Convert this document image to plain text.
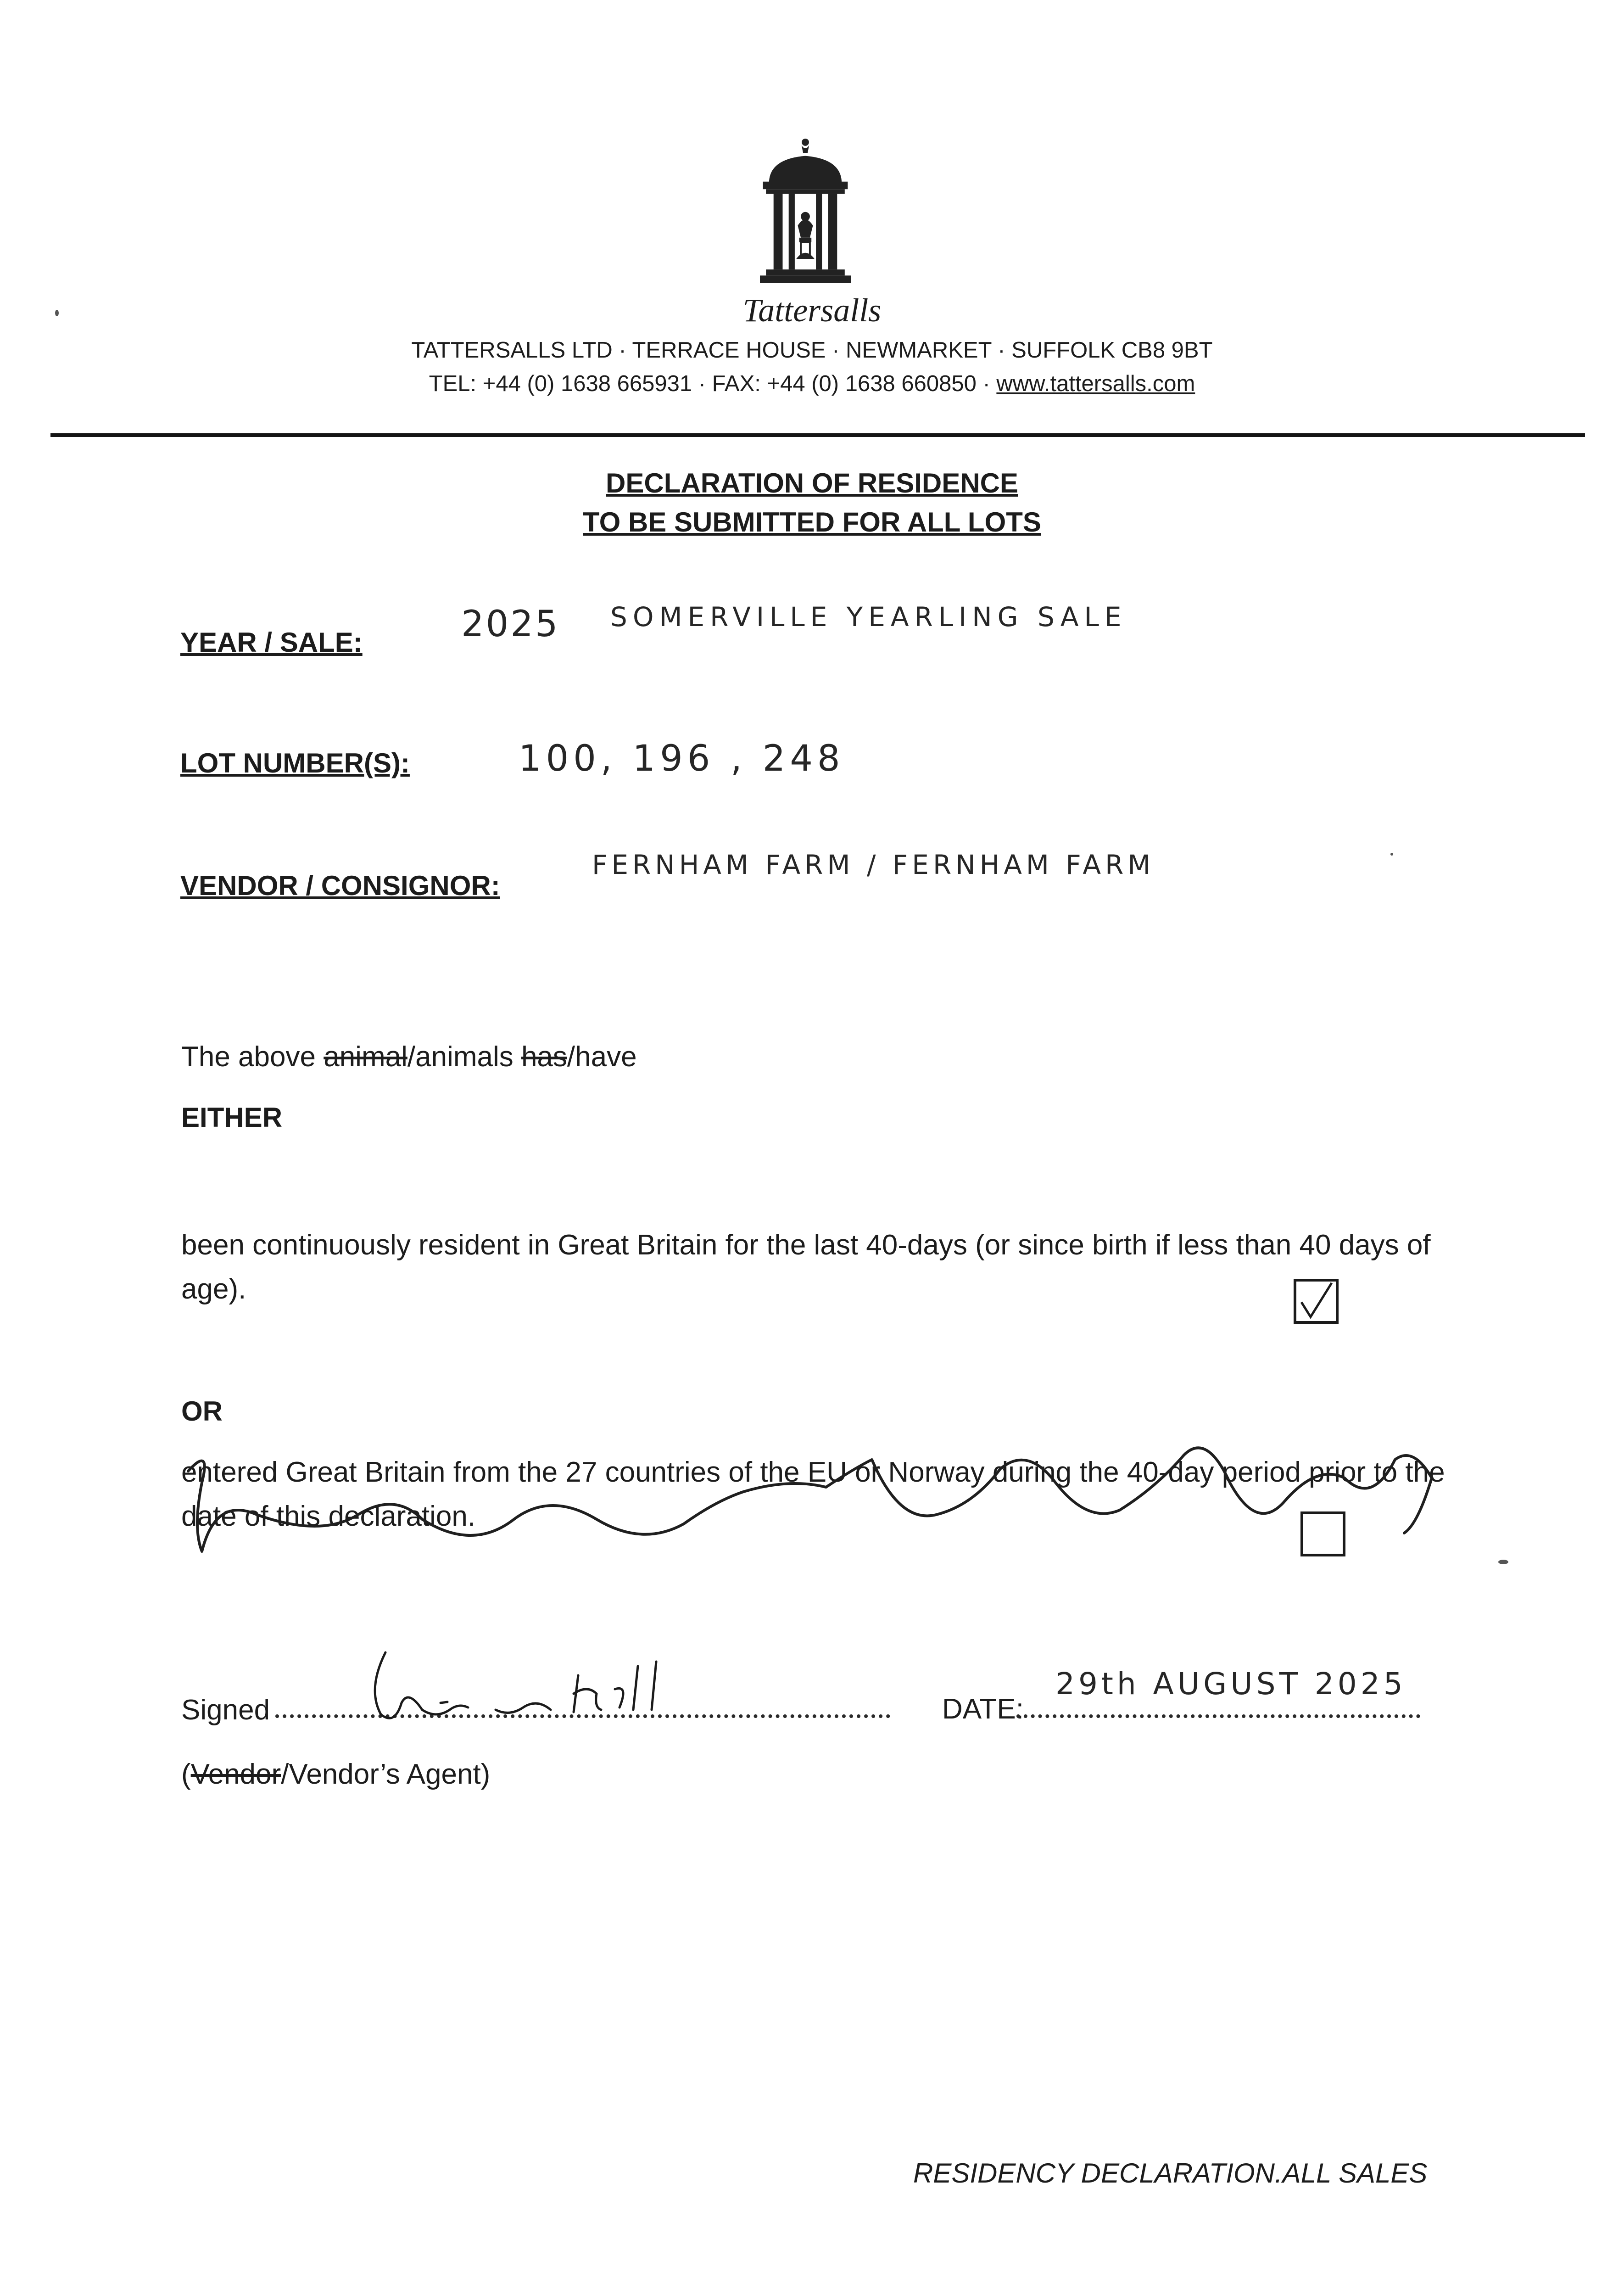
Tattersalls
TATTERSALLS LTD · TERRACE HOUSE · NEWMARKET · SUFFOLK CB8 9BT
TEL: +44 (0) 1638 665931 · FAX: +44 (0) 1638 660850 · www.tattersalls.com
DECLARATION OF RESIDENCE
TO BE SUBMITTED FOR ALL LOTS
YEAR / SALE:	2025 SOMERVILLE YEARLING SALE
LOT NUMBER(S):	100, 196 , 248
VENDOR / CONSIGNOR:
FERNHAM FARM / FERNHAM FARM
The above animal/animals has/have
EITHER
been continuously resident in Great Britain for the last 40-days (or since birth if less than 40 days of age).
OR
entered Great Britain from the 27 countries of the EU or Norway during the 40-day period prior to the date of this declaration.
Signed	DATE:
29th AUGUST 2025
(Vendor/Vendor’s Agent)
RESIDENCY DECLARATION.ALL SALES
